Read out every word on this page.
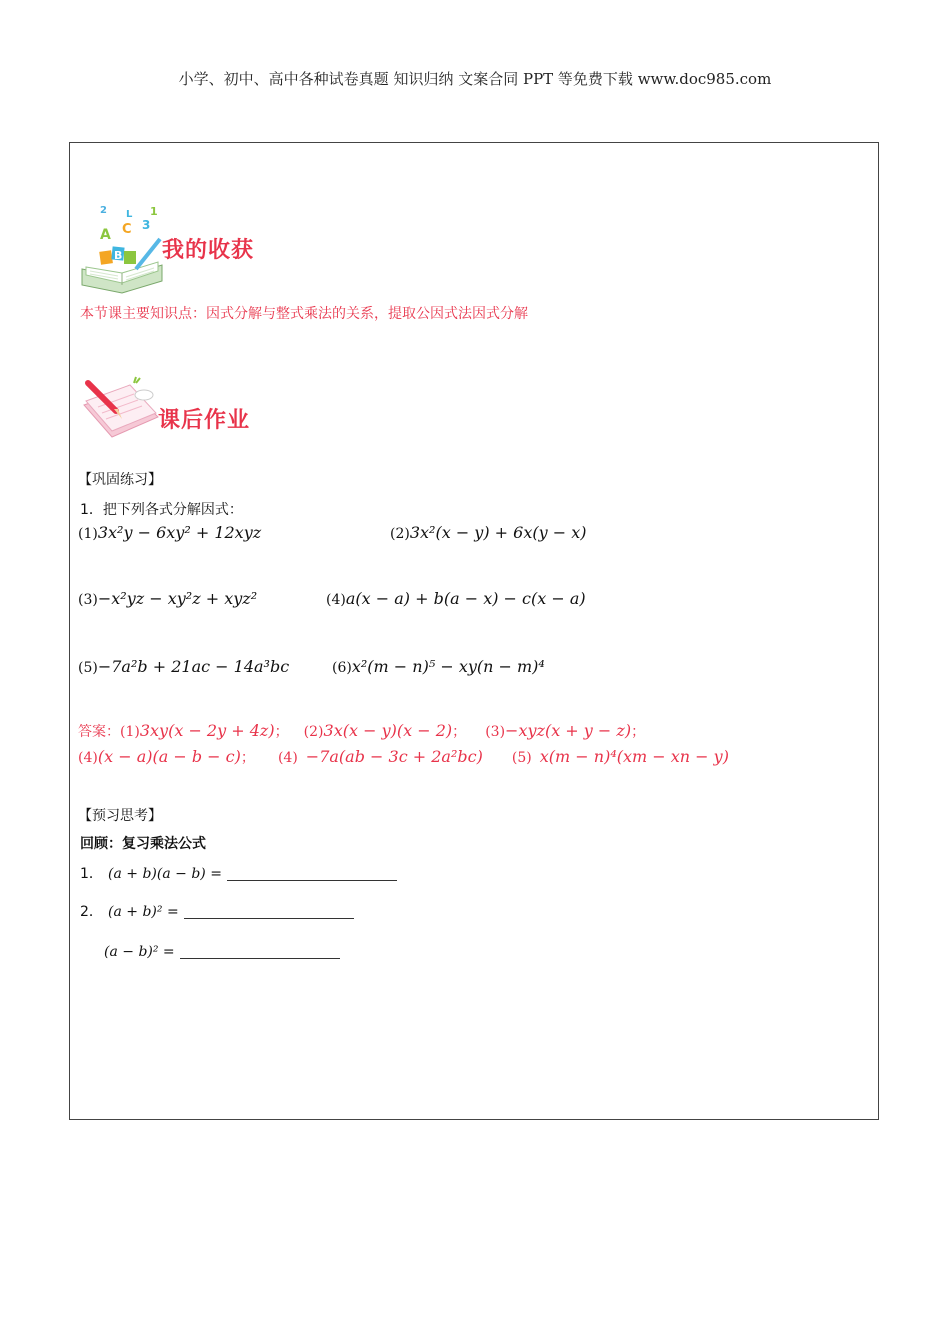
小学、初中、高中各种试卷真题 知识归纳 文案合同 PPT 等免费下载 www.doc985.com
2
A C 3
1
B
L
我的收获
本节课主要知识点：因式分解与整式乘法的关系，提取公因式法因式分解
课后作业
【巩固练习】
1．把下列各式分解因式：
(1)3x²y − 6xy² + 12xyz	(2)3x²(x − y) + 6x(y − x)
(3)−x²yz − xy²z + xyz²	(4)a(x − a) + b(a − x) − c(x − a)
(5)−7a²b + 21ac − 14a³bc	(6)x²(m − n)⁵ − xy(n − m)⁴
答案：(1)3xy(x − 2y + 4z)； (2)3x(x − y)(x − 2)； (3)−xyz(x + y − z)；
(4)(x − a)(a − b − c)； (4) −7a(ab − 3c + 2a²bc) (5) x(m − n)⁴(xm − xn − y)
【预习思考】
回顾：复习乘法公式
1． (a + b)(a − b) =
2． (a + b)² =
(a − b)² =
